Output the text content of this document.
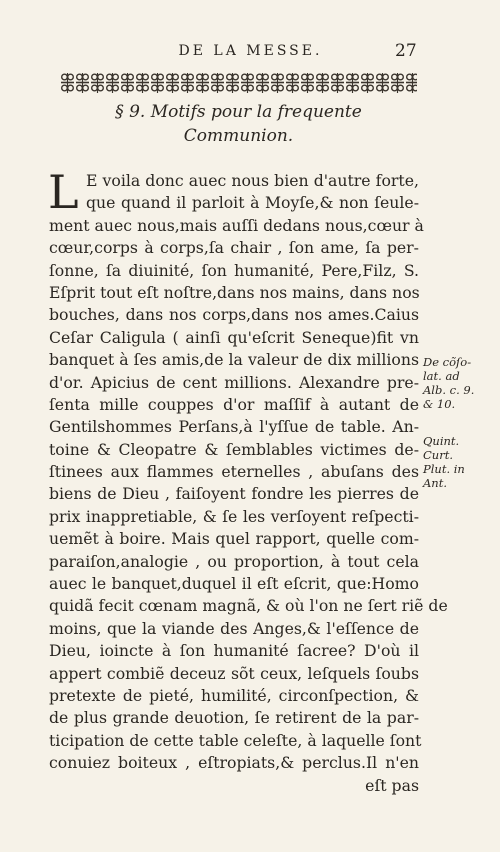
DE LA MESSE.	27
§ 9. Motifs pour la frequente
Communion.
L E voila donc auec nous bien d'autre forte,
que quand il parloit à Moyſe,& non ſeule-
ment auec nous,mais auſſi dedans nous,cœur à
cœur,corps à corps,ſa chair , ſon ame, ſa per-
ſonne, ſa diuinité, ſon humanité, Pere,Filz, S.
Eſprit tout eſt noſtre,dans nos mains, dans nos
bouches, dans nos corps,dans nos ames.Caius
Ceſar Caligula ( ainſi qu'eſcrit Seneque)fit vn
banquet à ſes amis,de la valeur de dix millions
d'or. Apicius de cent millions. Alexandre pre-
ſenta mille couppes d'or maſſif à autant de
Gentilshommes Perſans,à l'yſſue de table. An-
toine & Cleopatre & ſemblables victimes de-
ſtinees aux flammes eternelles , abuſans des
biens de Dieu , faiſoyent fondre les pierres de
prix inappretiable, & ſe les verſoyent reſpecti-
uemẽt à boire. Mais quel rapport, quelle com-
paraiſon,analogie , ou proportion, à tout cela
auec le banquet,duquel il eſt eſcrit, que:Homo
quidã fecit cœnam magnã, & où l'on ne ſert riẽ de
moins, que la viande des Anges,& l'eſſence de
Dieu, ioincte à ſon humanité ſacree? D'où il
appert combiẽ deceuz sõt ceux, leſquels ſoubs
pretexte de pieté, humilité, circonſpection, &
de plus grande deuotion, ſe retirent de la par-
ticipation de cette table celeſte, à laquelle ſont
conuiez boiteux , eſtropiats,& perclus.Il n'en
eſt pas
De cõſo-
lat. ad
Alb. c. 9.
& 10.
Quint.
Curt.
Plut. in
Ant.
